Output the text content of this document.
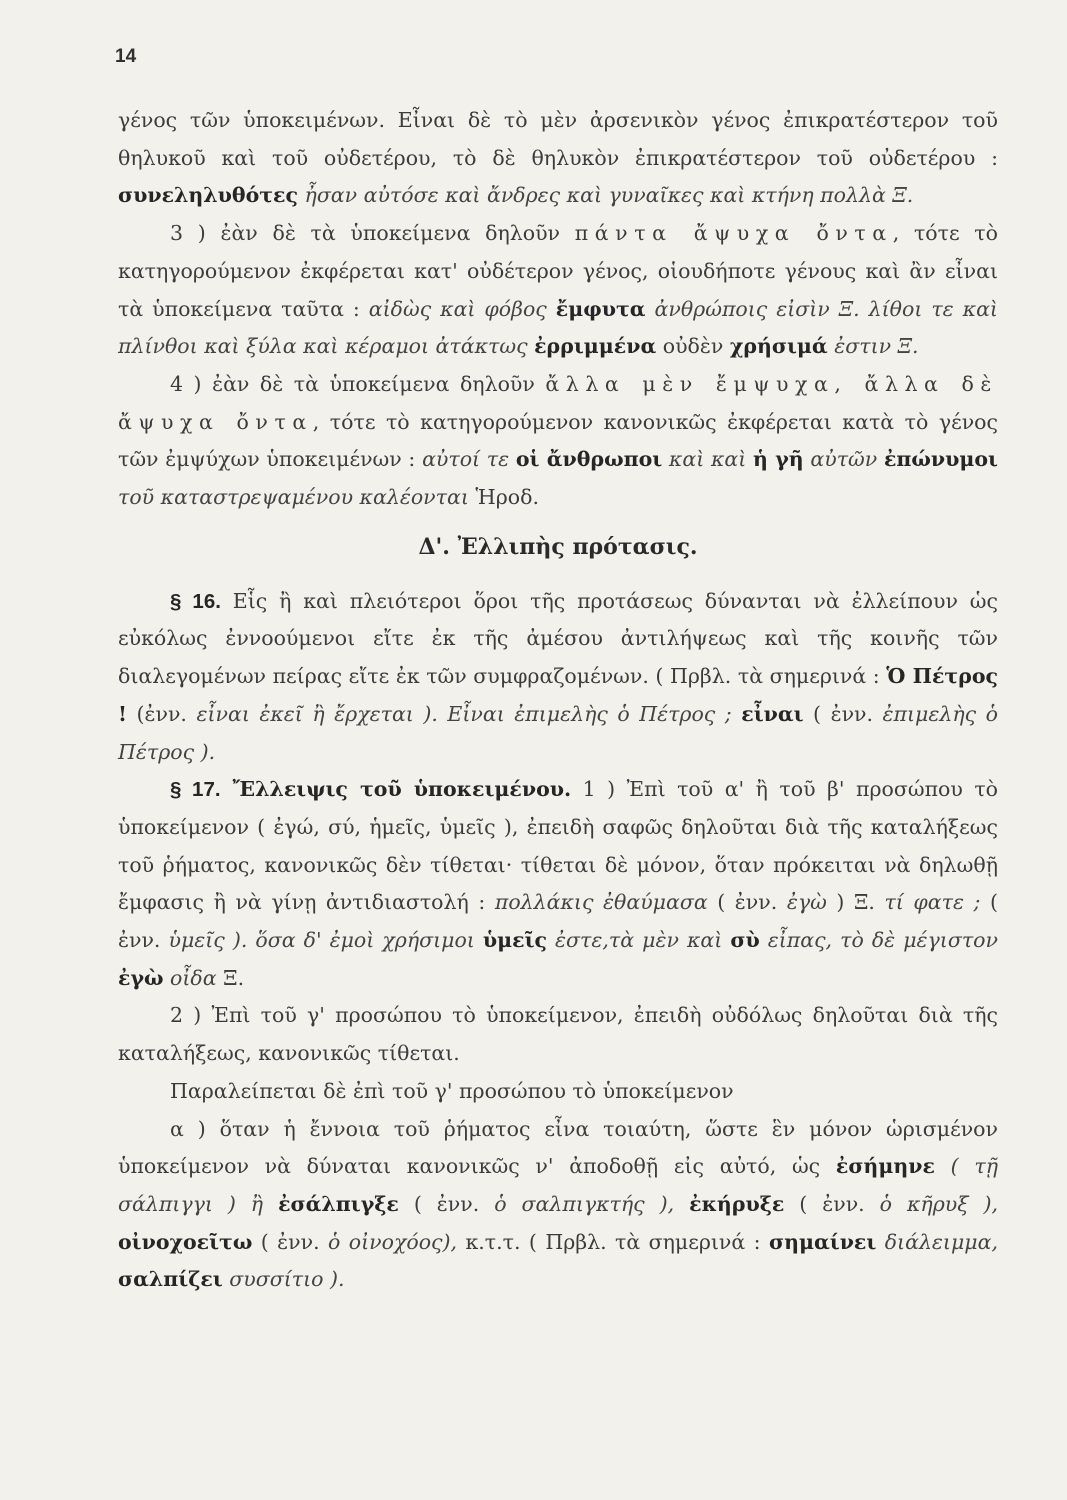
14

γένος τῶν ὑποκειμένων. Εἶναι δὲ τὸ μὲν ἀρσενικὸν γένος ἐπικρατέστερον τοῦ θηλυκοῦ καὶ τοῦ οὐδετέρου, τὸ δὲ θηλυκὸν ἐπικρατέστερον τοῦ οὐδετέρου : συνεληλυθότες ἦσαν αὐτόσε καὶ ἄνδρες καὶ γυναῖκες καὶ κτήνη πολλὰ Ξ.

3 ) ἐὰν δὲ τὰ ὑποκείμενα δηλοῦν πάντα ἄψυχα ὄντα, τότε τὸ κατηγορούμενον ἐκφέρεται κατ' οὐδέτερον γένος, οἱουδήποτε γένους καὶ ἂν εἶναι τὰ ὑποκείμενα ταῦτα : αἰδὼς καὶ φόβος ἔμφυτα ἀνθρώποις εἰσὶν Ξ. λίθοι τε καὶ πλίνθοι καὶ ξύλα καὶ κέραμοι ἀτάκτως ἐρριμμένα οὐδὲν χρήσιμά ἐστιν Ξ.

4 ) ἐὰν δὲ τὰ ὑποκείμενα δηλοῦν ἄλλα μὲν ἔμψυχα, ἄλλα δὲ ἄψυχα ὄντα, τότε τὸ κατηγορούμενον κανονικῶς ἐκφέρεται κατὰ τὸ γένος τῶν ἐμψύχων ὑποκειμένων : αὐτοί τε οἱ ἄνθρωποι καὶ καὶ ἡ γῆ αὐτῶν ἐπώνυμοι τοῦ καταστρεψαμένου καλέονται Ἡροδ.

Δ'. Ἐλλιπὴς πρότασις.

§ 16. Εἷς ἢ καὶ πλειότεροι ὅροι τῆς προτάσεως δύνανται νὰ ἐλλείπουν ὡς εὐκόλως ἐννοούμενοι εἴτε ἐκ τῆς ἀμέσου ἀντιλήψεως καὶ τῆς κοινῆς τῶν διαλεγομένων πείρας εἴτε ἐκ τῶν συμφραζομένων. ( Πρβλ. τὰ σημερινά : Ὁ Πέτρος ! (ἐνν. εἶναι ἐκεῖ ἢ ἔρχεται ). Εἶναι ἐπιμελὴς ὁ Πέτρος ; εἶναι ( ἐνν. ἐπιμελὴς ὁ Πέτρος ).

§ 17. Ἔλλειψις τοῦ ὑποκειμένου. 1 ) Ἐπὶ τοῦ α' ἢ τοῦ β' προσώπου τὸ ὑποκείμενον ( ἐγώ, σύ, ἡμεῖς, ὑμεῖς ), ἐπειδὴ σαφῶς δηλοῦται διὰ τῆς καταλήξεως τοῦ ῥήματος, κανονικῶς δὲν τίθεται· τίθεται δὲ μόνον, ὅταν πρόκειται νὰ δηλωθῇ ἔμφασις ἢ νὰ γίνῃ ἀντιδιαστολή : πολλάκις ἐθαύμασα ( ἐνν. ἐγὼ ) Ξ. τί φατε ; ( ἐνν. ὑμεῖς ). ὅσα δ' ἐμοὶ χρήσιμοι ὑμεῖς ἐστε,τὰ μὲν καὶ σὺ εἶπας, τὸ δὲ μέγιστον ἐγὼ οἶδα Ξ.

2 ) Ἐπὶ τοῦ γ' προσώπου τὸ ὑποκείμενον, ἐπειδὴ οὐδόλως δηλοῦται διὰ τῆς καταλήξεως, κανονικῶς τίθεται.

Παραλείπεται δὲ ἐπὶ τοῦ γ' προσώπου τὸ ὑποκείμενον

α ) ὅταν ἡ ἔννοια τοῦ ῥήματος εἶνα τοιαύτη, ὥστε ἓν μόνον ὡρισμένον ὑποκείμενον νὰ δύναται κανονικῶς ν' ἀποδοθῇ εἰς αὐτό, ὡς ἐσήμηνε ( τῇ σάλπιγγι ) ἢ ἐσάλπιγξε ( ἐνν. ὁ σαλπιγκτής ), ἐκήρυξε ( ἐνν. ὁ κῆρυξ ), οἰνοχοεῖτω ( ἐνν. ὁ οἰνοχόος), κ.τ.τ. ( Πρβλ. τὰ σημερινά : σημαίνει διάλειμμα, σαλπίζει συσσίτιο ).
